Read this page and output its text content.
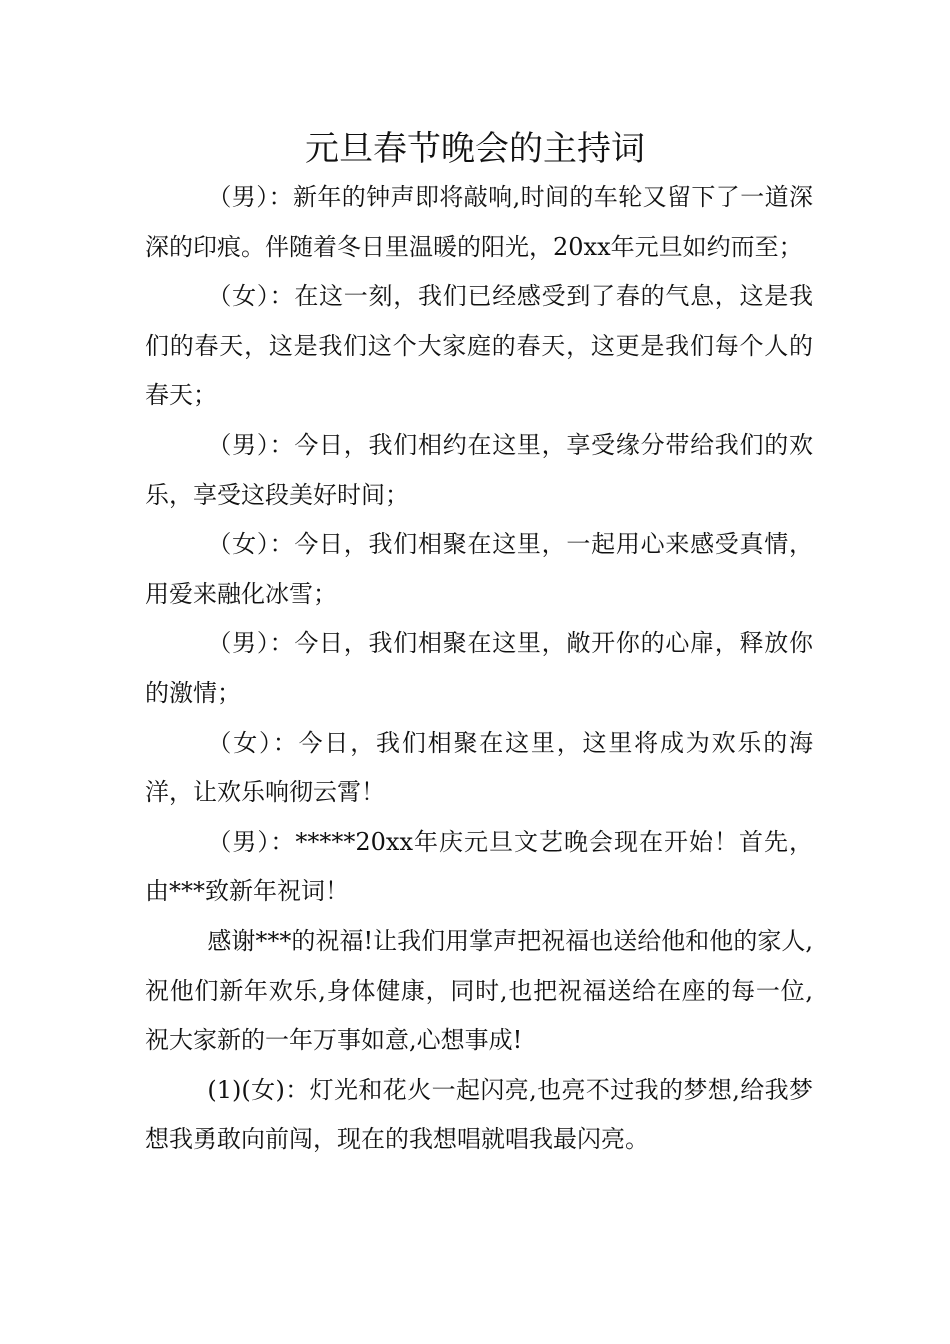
元旦春节晚会的主持词

（男）：新年的钟声即将敲响,时间的车轮又留下了一道深深的印痕。伴随着冬日里温暖的阳光，20xx年元旦如约而至；

（女）：在这一刻，我们已经感受到了春的气息，这是我们的春天，这是我们这个大家庭的春天，这更是我们每个人的春天；

（男）：今日，我们相约在这里，享受缘分带给我们的欢乐，享受这段美好时间；

（女）：今日，我们相聚在这里，一起用心来感受真情，用爱来融化冰雪；

（男）：今日，我们相聚在这里，敞开你的心扉，释放你的激情；

（女）：今日，我们相聚在这里，这里将成为欢乐的海洋，让欢乐响彻云霄！

（男）：*****20xx年庆元旦文艺晚会现在开始！首先，由***致新年祝词！

感谢***的祝福!让我们用掌声把祝福也送给他和他的家人,祝他们新年欢乐,身体健康，同时,也把祝福送给在座的每一位,祝大家新的一年万事如意,心想事成!

(1)(女)：灯光和花火一起闪亮,也亮不过我的梦想,给我梦想我勇敢向前闯，现在的我想唱就唱我最闪亮。
